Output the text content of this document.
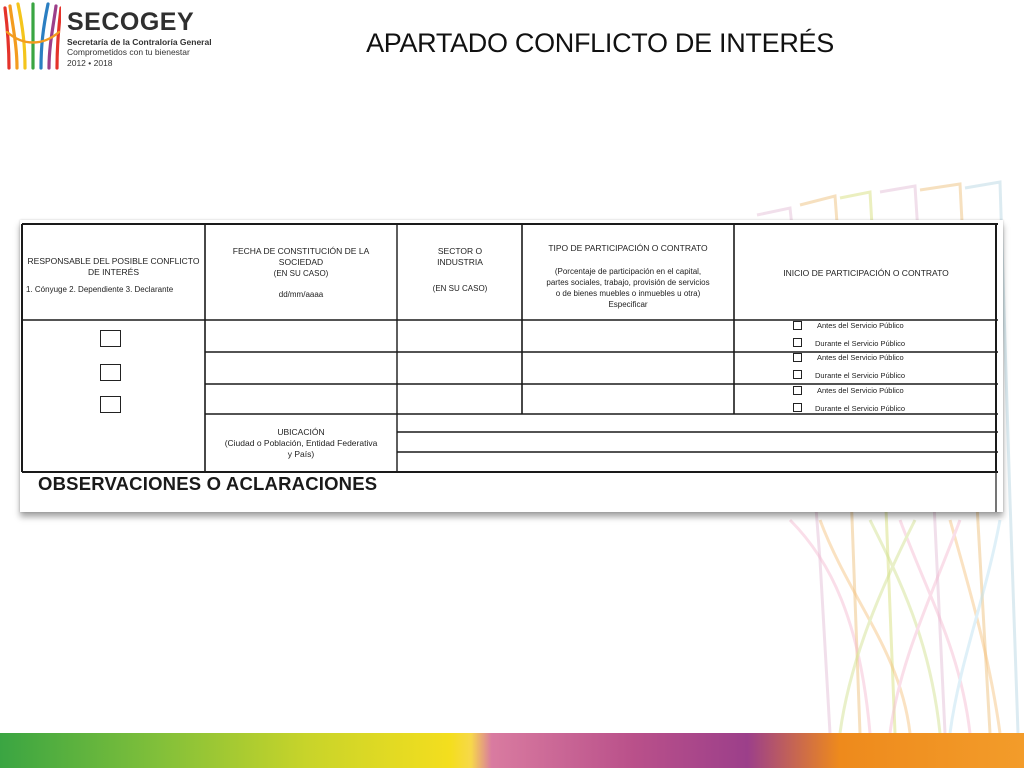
SECOGEY
Secretaría de la Contraloría General
Comprometidos con tu bienestar
2012 • 2018
APARTADO CONFLICTO DE INTERÉS
RESPONSABLE DEL POSIBLE CONFLICTO
DE INTERÉS
1. Cónyuge 2. Dependiente 3. Declarante
FECHA DE CONSTITUCIÓN DE LA
SOCIEDAD
(EN SU CASO)
dd/mm/aaaa
SECTOR O
INDUSTRIA
(EN SU CASO)
TIPO DE PARTICIPACIÓN O CONTRATO
(Porcentaje de participación en el capital,
partes sociales, trabajo, provisión de servicios
o de bienes muebles o inmuebles u otra)
Especificar
INICIO DE PARTICIPACIÓN O CONTRATO
Antes del Servicio Público
Durante el Servicio Público
Antes del Servicio Público
Durante el Servicio Público
Antes del Servicio Público
Durante el Servicio Público
UBICACIÓN
(Ciudad o Población, Entidad Federativa
y País)
OBSERVACIONES O ACLARACIONES
